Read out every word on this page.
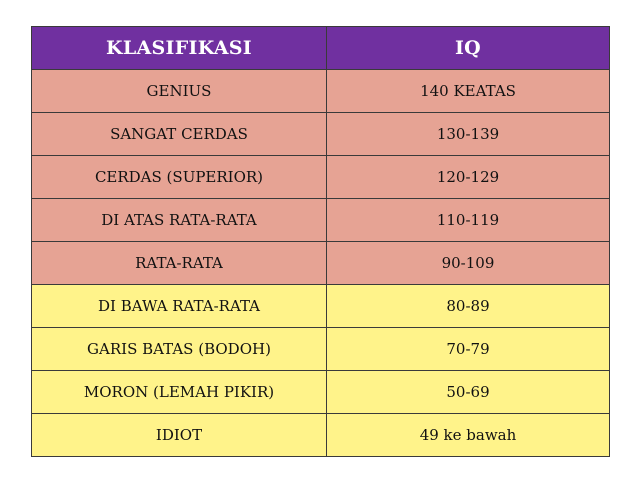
KLASIFIKASI	IQ
GENIUS	140 KEATAS
SANGAT CERDAS	130-139
CERDAS (SUPERIOR)	120-129
DI ATAS RATA-RATA	110-119
RATA-RATA	90-109
DI BAWA RATA-RATA	80-89
GARIS BATAS (BODOH)	70-79
MORON (LEMAH PIKIR)	50-69
IDIOT	49 ke bawah
